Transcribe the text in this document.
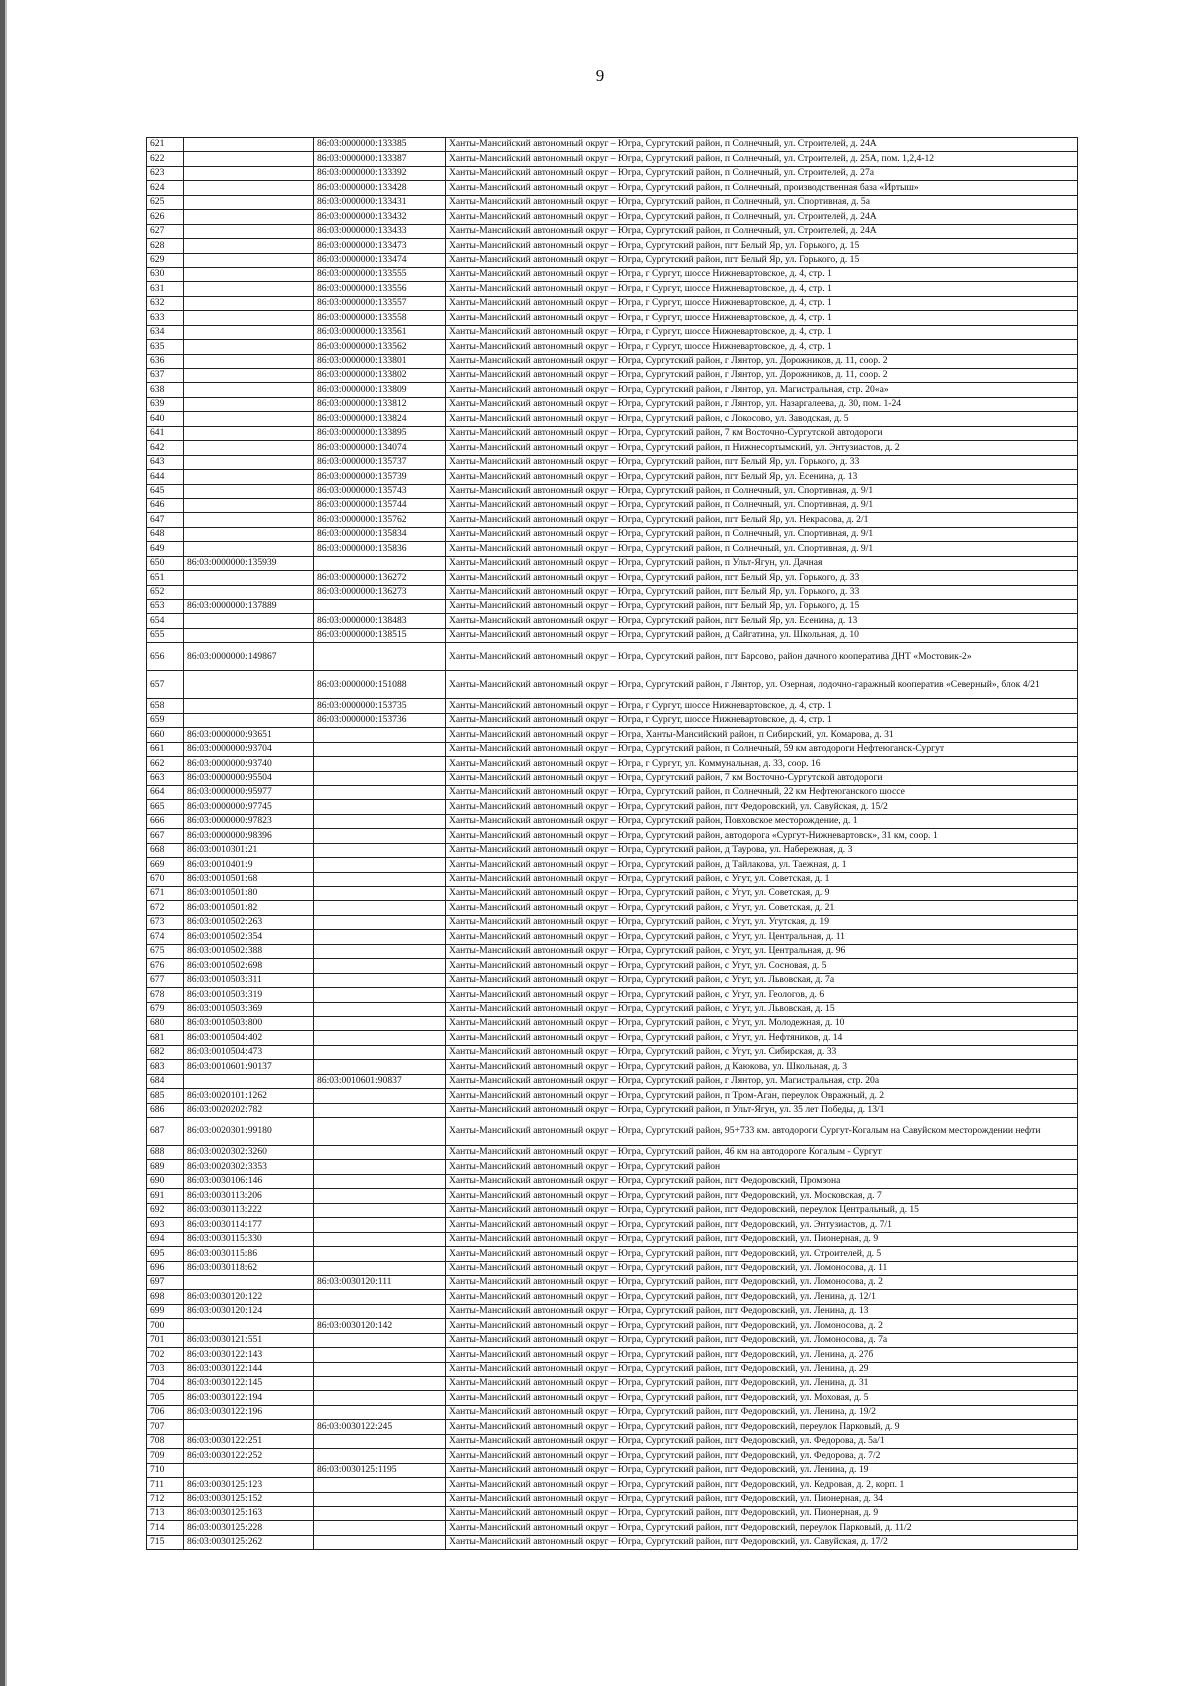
9
621		86:03:0000000:133385	Ханты-Мансийский автономный округ – Югра, Сургутский район, п Солнечный, ул. Строителей, д. 24А
622		86:03:0000000:133387	Ханты-Мансийский автономный округ – Югра, Сургутский район, п Солнечный, ул. Строителей, д. 25А, пом. 1,2,4-12
623		86:03:0000000:133392	Ханты-Мансийский автономный округ – Югра, Сургутский район, п Солнечный, ул. Строителей, д. 27а
624		86:03:0000000:133428	Ханты-Мансийский автономный округ – Югра, Сургутский район, п Солнечный, производственная база «Иртыш»
625		86:03:0000000:133431	Ханты-Мансийский автономный округ – Югра, Сургутский район, п Солнечный, ул. Спортивная, д. 5а
626		86:03:0000000:133432	Ханты-Мансийский автономный округ – Югра, Сургутский район, п Солнечный, ул. Строителей, д. 24А
627		86:03:0000000:133433	Ханты-Мансийский автономный округ – Югра, Сургутский район, п Солнечный, ул. Строителей, д. 24А
628		86:03:0000000:133473	Ханты-Мансийский автономный округ – Югра, Сургутский район, пгт Белый Яр, ул. Горького, д. 15
629		86:03:0000000:133474	Ханты-Мансийский автономный округ – Югра, Сургутский район, пгт Белый Яр, ул. Горького, д. 15
630		86:03:0000000:133555	Ханты-Мансийский автономный округ – Югра, г Сургут, шоссе Нижневартовское, д. 4, стр. 1
631		86:03:0000000:133556	Ханты-Мансийский автономный округ – Югра, г Сургут, шоссе Нижневартовское, д. 4, стр. 1
632		86:03:0000000:133557	Ханты-Мансийский автономный округ – Югра, г Сургут, шоссе Нижневартовское, д. 4, стр. 1
633		86:03:0000000:133558	Ханты-Мансийский автономный округ – Югра, г Сургут, шоссе Нижневартовское, д. 4, стр. 1
634		86:03:0000000:133561	Ханты-Мансийский автономный округ – Югра, г Сургут, шоссе Нижневартовское, д. 4, стр. 1
635		86:03:0000000:133562	Ханты-Мансийский автономный округ – Югра, г Сургут, шоссе Нижневартовское, д. 4, стр. 1
636		86:03:0000000:133801	Ханты-Мансийский автономный округ – Югра, Сургутский район, г Лянтор, ул. Дорожников, д. 11, соор. 2
637		86:03:0000000:133802	Ханты-Мансийский автономный округ – Югра, Сургутский район, г Лянтор, ул. Дорожников, д. 11, соор. 2
638		86:03:0000000:133809	Ханты-Мансийский автономный округ – Югра, Сургутский район, г Лянтор, ул. Магистральная, стр. 20«а»
639		86:03:0000000:133812	Ханты-Мансийский автономный округ – Югра, Сургутский район, г Лянтор, ул. Назаргалеева, д. 30, пом. 1-24
640		86:03:0000000:133824	Ханты-Мансийский автономный округ – Югра, Сургутский район, с Локосово, ул. Заводская, д. 5
641		86:03:0000000:133895	Ханты-Мансийский автономный округ – Югра, Сургутский район, 7 км Восточно-Сургутской автодороги
642		86:03:0000000:134074	Ханты-Мансийский автономный округ – Югра, Сургутский район, п Нижнесортымский, ул. Энтузиастов, д. 2
643		86:03:0000000:135737	Ханты-Мансийский автономный округ – Югра, Сургутский район, пгт Белый Яр, ул. Горького, д. 33
644		86:03:0000000:135739	Ханты-Мансийский автономный округ – Югра, Сургутский район, пгт Белый Яр, ул. Есенина, д. 13
645		86:03:0000000:135743	Ханты-Мансийский автономный округ – Югра, Сургутский район, п Солнечный, ул. Спортивная, д. 9/1
646		86:03:0000000:135744	Ханты-Мансийский автономный округ – Югра, Сургутский район, п Солнечный, ул. Спортивная, д. 9/1
647		86:03:0000000:135762	Ханты-Мансийский автономный округ – Югра, Сургутский район, пгт Белый Яр, ул. Некрасова, д. 2/1
648		86:03:0000000:135834	Ханты-Мансийский автономный округ – Югра, Сургутский район, п Солнечный, ул. Спортивная, д. 9/1
649		86:03:0000000:135836	Ханты-Мансийский автономный округ – Югра, Сургутский район, п Солнечный, ул. Спортивная, д. 9/1
650	86:03:0000000:135939		Ханты-Мансийский автономный округ – Югра, Сургутский район, п Ульт-Ягун, ул. Дачная
651		86:03:0000000:136272	Ханты-Мансийский автономный округ – Югра, Сургутский район, пгт Белый Яр, ул. Горького, д. 33
652		86:03:0000000:136273	Ханты-Мансийский автономный округ – Югра, Сургутский район, пгт Белый Яр, ул. Горького, д. 33
653	86:03:0000000:137889		Ханты-Мансийский автономный округ – Югра, Сургутский район, пгт Белый Яр, ул. Горького, д. 15
654		86:03:0000000:138483	Ханты-Мансийский автономный округ – Югра, Сургутский район, пгт Белый Яр, ул. Есенина, д. 13
655		86:03:0000000:138515	Ханты-Мансийский автономный округ – Югра, Сургутский район, д Сайгатина, ул. Школьная, д. 10
656	86:03:0000000:149867		Ханты-Мансийский автономный округ – Югра, Сургутский район, пгт Барсово, район дачного кооператива ДНТ «Мостовик-2»
657		86:03:0000000:151088	Ханты-Мансийский автономный округ – Югра, Сургутский район, г Лянтор, ул. Озерная, лодочно-гаражный кооператив «Северный», блок 4/21
658		86:03:0000000:153735	Ханты-Мансийский автономный округ – Югра, г Сургут, шоссе Нижневартовское, д. 4, стр. 1
659		86:03:0000000:153736	Ханты-Мансийский автономный округ – Югра, г Сургут, шоссе Нижневартовское, д. 4, стр. 1
660	86:03:0000000:93651		Ханты-Мансийский автономный округ – Югра, Ханты-Мансийский район, п Сибирский, ул. Комарова, д. 31
661	86:03:0000000:93704		Ханты-Мансийский автономный округ – Югра, Сургутский район, п Солнечный, 59 км автодороги Нефтеюганск-Сургут
662	86:03:0000000:93740		Ханты-Мансийский автономный округ – Югра, г Сургут, ул. Коммунальная, д. 33, соор. 16
663	86:03:0000000:95504		Ханты-Мансийский автономный округ – Югра, Сургутский район, 7 км Восточно-Сургутской автодороги
664	86:03:0000000:95977		Ханты-Мансийский автономный округ – Югра, Сургутский район, п Солнечный, 22 км Нефтеюганского шоссе
665	86:03:0000000:97745		Ханты-Мансийский автономный округ – Югра, Сургутский район, пгт Федоровский, ул. Савуйская, д. 15/2
666	86:03:0000000:97823		Ханты-Мансийский автономный округ – Югра, Сургутский район, Повховское месторождение, д. 1
667	86:03:0000000:98396		Ханты-Мансийский автономный округ – Югра, Сургутский район, автодорога «Сургут-Нижневартовск», 31 км, соор. 1
668	86:03:0010301:21		Ханты-Мансийский автономный округ – Югра, Сургутский район, д Таурова, ул. Набережная, д. 3
669	86:03:0010401:9		Ханты-Мансийский автономный округ – Югра, Сургутский район, д Тайлакова, ул. Таежная, д. 1
670	86:03:0010501:68		Ханты-Мансийский автономный округ – Югра, Сургутский район, с Угут, ул. Советская, д. 1
671	86:03:0010501:80		Ханты-Мансийский автономный округ – Югра, Сургутский район, с Угут, ул. Советская, д. 9
672	86:03:0010501:82		Ханты-Мансийский автономный округ – Югра, Сургутский район, с Угут, ул. Советская, д. 21
673	86:03:0010502:263		Ханты-Мансийский автономный округ – Югра, Сургутский район, с Угут, ул. Угутская, д. 19
674	86:03:0010502:354		Ханты-Мансийский автономный округ – Югра, Сургутский район, с Угут, ул. Центральная, д. 11
675	86:03:0010502:388		Ханты-Мансийский автономный округ – Югра, Сургутский район, с Угут, ул. Центральная, д. 96
676	86:03:0010502:698		Ханты-Мансийский автономный округ – Югра, Сургутский район, с Угут, ул. Сосновая, д. 5
677	86:03:0010503:311		Ханты-Мансийский автономный округ – Югра, Сургутский район, с Угут, ул. Львовская, д. 7а
678	86:03:0010503:319		Ханты-Мансийский автономный округ – Югра, Сургутский район, с Угут, ул. Геологов, д. 6
679	86:03:0010503:369		Ханты-Мансийский автономный округ – Югра, Сургутский район, с Угут, ул. Львовская, д. 15
680	86:03:0010503:800		Ханты-Мансийский автономный округ – Югра, Сургутский район, с Угут, ул. Молодежная, д. 10
681	86:03:0010504:402		Ханты-Мансийский автономный округ – Югра, Сургутский район, с Угут, ул. Нефтяников, д. 14
682	86:03:0010504:473		Ханты-Мансийский автономный округ – Югра, Сургутский район, с Угут, ул. Сибирская, д. 33
683	86:03:0010601:90137		Ханты-Мансийский автономный округ – Югра, Сургутский район, д Каюкова, ул. Школьная, д. 3
684		86:03:0010601:90837	Ханты-Мансийский автономный округ – Югра, Сургутский район, г Лянтор, ул. Магистральная, стр. 20а
685	86:03:0020101:1262		Ханты-Мансийский автономный округ – Югра, Сургутский район, п Тром-Аган, переулок Овражный, д. 2
686	86:03:0020202:782		Ханты-Мансийский автономный округ – Югра, Сургутский район, п Ульт-Ягун, ул. 35 лет Победы, д. 13/1
687	86:03:0020301:99180		Ханты-Мансийский автономный округ – Югра, Сургутский район, 95+733 км. автодороги Сургут-Когалым на Савуйском месторождении нефти
688	86:03:0020302:3260		Ханты-Мансийский автономный округ – Югра, Сургутский район, 46 км на автодороге Когалым - Сургут
689	86:03:0020302:3353		Ханты-Мансийский автономный округ – Югра, Сургутский район
690	86:03:0030106:146		Ханты-Мансийский автономный округ – Югра, Сургутский район, пгт Федоровский, Промзона
691	86:03:0030113:206		Ханты-Мансийский автономный округ – Югра, Сургутский район, пгт Федоровский, ул. Московская, д. 7
692	86:03:0030113:222		Ханты-Мансийский автономный округ – Югра, Сургутский район, пгт Федоровский, переулок Центральный, д. 15
693	86:03:0030114:177		Ханты-Мансийский автономный округ – Югра, Сургутский район, пгт Федоровский, ул. Энтузиастов, д. 7/1
694	86:03:0030115:330		Ханты-Мансийский автономный округ – Югра, Сургутский район, пгт Федоровский, ул. Пионерная, д. 9
695	86:03:0030115:86		Ханты-Мансийский автономный округ – Югра, Сургутский район, пгт Федоровский, ул. Строителей, д. 5
696	86:03:0030118:62		Ханты-Мансийский автономный округ – Югра, Сургутский район, пгт Федоровский, ул. Ломоносова, д. 11
697		86:03:0030120:111	Ханты-Мансийский автономный округ – Югра, Сургутский район, пгт Федоровский, ул. Ломоносова, д. 2
698	86:03:0030120:122		Ханты-Мансийский автономный округ – Югра, Сургутский район, пгт Федоровский, ул. Ленина, д. 12/1
699	86:03:0030120:124		Ханты-Мансийский автономный округ – Югра, Сургутский район, пгт Федоровский, ул. Ленина, д. 13
700		86:03:0030120:142	Ханты-Мансийский автономный округ – Югра, Сургутский район, пгт Федоровский, ул. Ломоносова, д. 2
701	86:03:0030121:551		Ханты-Мансийский автономный округ – Югра, Сургутский район, пгт Федоровский, ул. Ломоносова, д. 7а
702	86:03:0030122:143		Ханты-Мансийский автономный округ – Югра, Сургутский район, пгт Федоровский, ул. Ленина, д. 27б
703	86:03:0030122:144		Ханты-Мансийский автономный округ – Югра, Сургутский район, пгт Федоровский, ул. Ленина, д. 29
704	86:03:0030122:145		Ханты-Мансийский автономный округ – Югра, Сургутский район, пгт Федоровский, ул. Ленина, д. 31
705	86:03:0030122:194		Ханты-Мансийский автономный округ – Югра, Сургутский район, пгт Федоровский, ул. Моховая, д. 5
706	86:03:0030122:196		Ханты-Мансийский автономный округ – Югра, Сургутский район, пгт Федоровский, ул. Ленина, д. 19/2
707		86:03:0030122:245	Ханты-Мансийский автономный округ – Югра, Сургутский район, пгт Федоровский, переулок Парковый, д. 9
708	86:03:0030122:251		Ханты-Мансийский автономный округ – Югра, Сургутский район, пгт Федоровский, ул. Федорова, д. 5а/1
709	86:03:0030122:252		Ханты-Мансийский автономный округ – Югра, Сургутский район, пгт Федоровский, ул. Федорова, д. 7/2
710		86:03:0030125:1195	Ханты-Мансийский автономный округ – Югра, Сургутский район, пгт Федоровский, ул. Ленина, д. 19
711	86:03:0030125:123		Ханты-Мансийский автономный округ – Югра, Сургутский район, пгт Федоровский, ул. Кедровая, д. 2, корп. 1
712	86:03:0030125:152		Ханты-Мансийский автономный округ – Югра, Сургутский район, пгт Федоровский, ул. Пионерная, д. 34
713	86:03:0030125:163		Ханты-Мансийский автономный округ – Югра, Сургутский район, пгт Федоровский, ул. Пионерная, д. 9
714	86:03:0030125:228		Ханты-Мансийский автономный округ – Югра, Сургутский район, пгт Федоровский, переулок Парковый, д. 11/2
715	86:03:0030125:262		Ханты-Мансийский автономный округ – Югра, Сургутский район, пгт Федоровский, ул. Савуйская, д. 17/2
